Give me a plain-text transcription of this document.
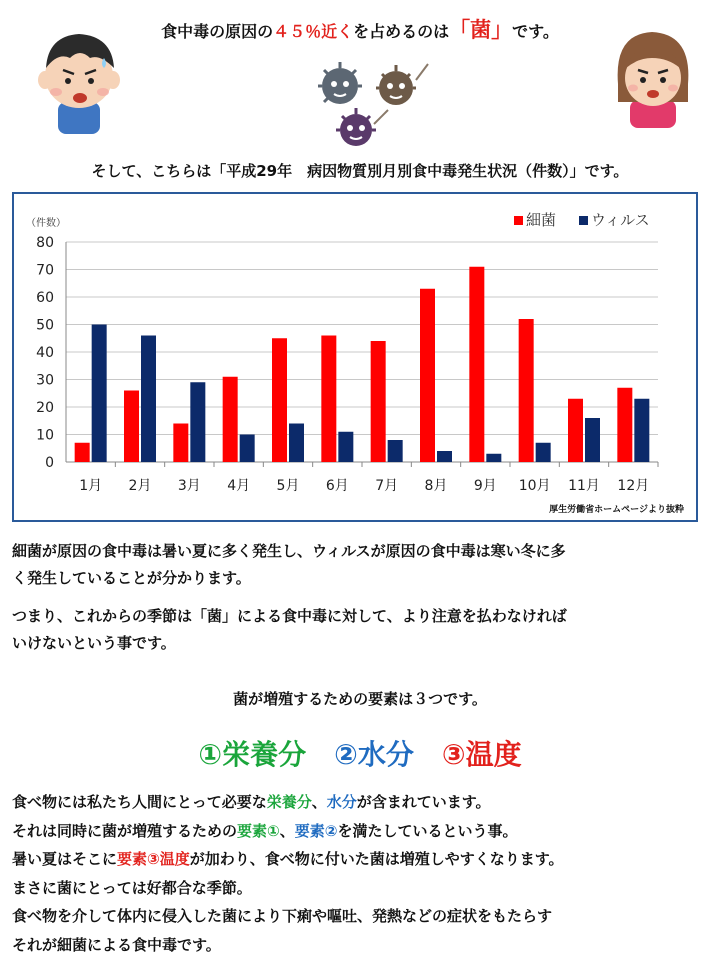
食中毒の原因の４５％近くを占めるのは「菌」です。
そして、こちらは「平成29年　病因物質別月別食中毒発生状況（件数）」です。
0
10
20
30
40
50
60
70
80
1月 2月 3月 4月 5月 6月 7月 8月 9月 10月 11月 12月
（件数）	細菌 ウィルス
厚生労働省ホームページより抜粋
細菌が原因の食中毒は暑い夏に多く発生し、ウィルスが原因の食中毒は寒い冬に多
く発生していることが分かります。
つまり、これからの季節は「菌」による食中毒に対して、より注意を払わなければ
いけないという事です。
菌が増殖するための要素は３つです。
①栄養分 ②水分 ③温度
食べ物には私たち人間にとって必要な栄養分、水分が含まれています。
それは同時に菌が増殖するための要素①、要素②を満たしているという事。
暑い夏はそこに要素③温度が加わり、食べ物に付いた菌は増殖しやすくなります。
まさに菌にとっては好都合な季節。
食べ物を介して体内に侵入した菌により下痢や嘔吐、発熱などの症状をもたらす
それが細菌による食中毒です。
